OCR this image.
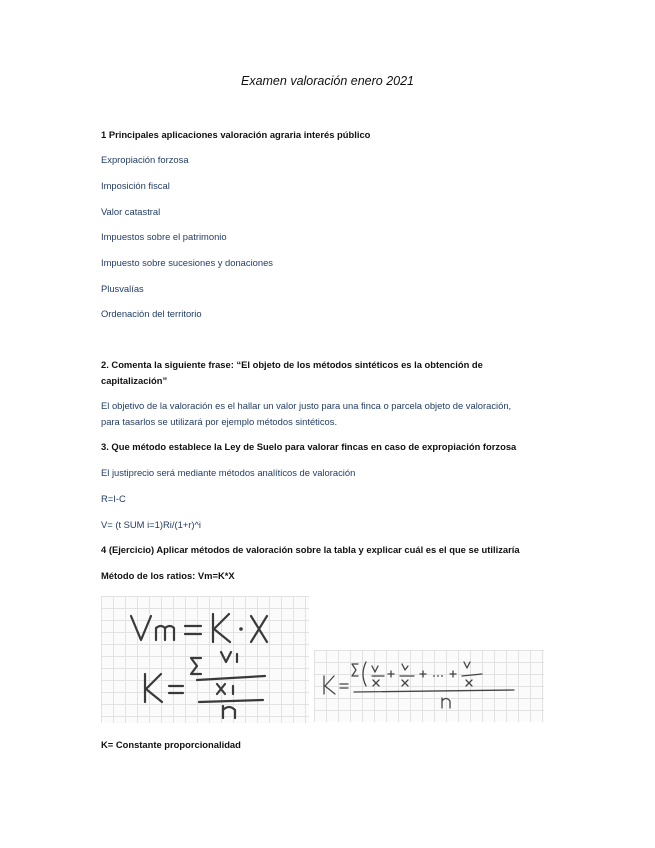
Examen valoración enero 2021
1 Principales aplicaciones valoración agraria interés público
Expropiación forzosa
Imposición fiscal
Valor catastral
Impuestos sobre el patrimonio
Impuesto sobre sucesiones y donaciones
Plusvalías
Ordenación del territorio
2. Comenta la siguiente frase: “El objeto de los métodos sintéticos es la obtención de
capitalización”
El objetivo de la valoración es el hallar un valor justo para una finca o parcela objeto de valoración,
para tasarlos se utilizará por ejemplo métodos sintéticos.
3. Que método establece la Ley de Suelo para valorar fincas en caso de expropiación forzosa
El justiprecio será mediante métodos analíticos de valoración
R=I-C
V= (t SUM i=1)Ri/(1+r)^i
4 (Ejercicio) Aplicar métodos de valoración sobre la tabla y explicar cuál es el que se utilizaría
Método de los ratios: Vm=K*X
K= Constante proporcionalidad
